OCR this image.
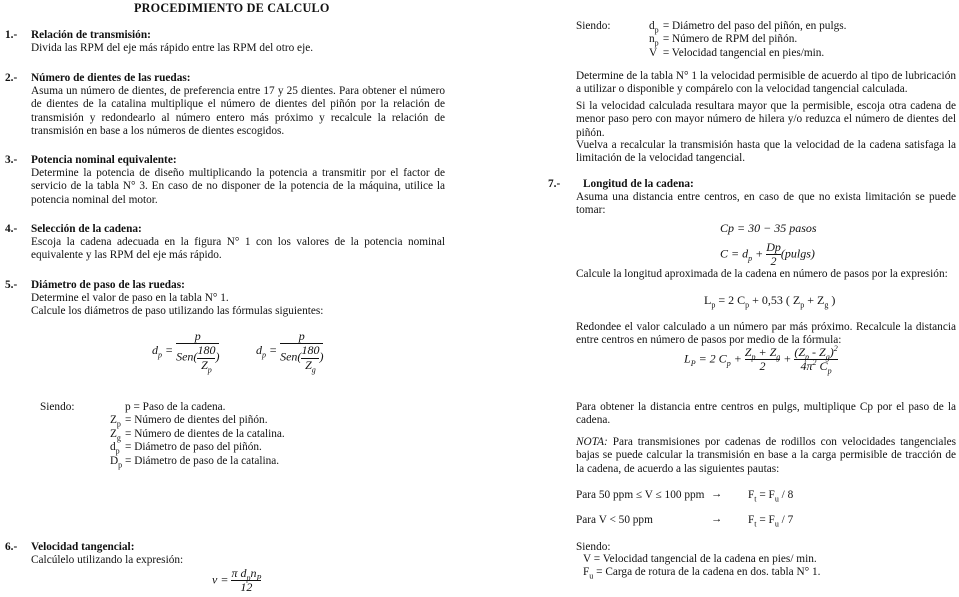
PROCEDIMIENTO DE CALCULO
1.- Relación de transmisión:
Divida las RPM del eje más rápido entre las RPM del otro eje.
2.- Número de dientes de las ruedas:
Asuma un número de dientes, de preferencia entre 17 y 25 dientes. Para obtener el número de dientes de la catalina multiplique el número de dientes del piñón por la relación de transmisión y redondearlo al número entero más próximo y recalcule la relación de transmisión en base a los números de dientes escogidos.
3.- Potencia nominal equivalente:
Determine la potencia de diseño multiplicando la potencia a transmitir por el factor de servicio de la tabla N° 3. En caso de no disponer de la potencia de la máquina, utilice la potencia nominal del motor.
4.- Selección de la cadena:
Escoja la cadena adecuada en la figura N° 1 con los valores de la potencia nominal equivalente y las RPM del eje más rápido.
5.- Diámetro de paso de las ruedas:
Determine el valor de paso en la tabla N° 1.
Calcule los diámetros de paso utilizando las fórmulas siguientes:
$d_p = \frac{p}{Sen( \frac{180}{Z_p} )}$	$d_p = \frac{p}{Sen( \frac{180}{Z_g} )}$
Siendo:
		p = Paso de la cadena.
$Z_p$	= Número de dientes del piñón.
$Z_g$	= Número de dientes de la catalina.
$d_p$	= Diámetro de paso del piñón.
$D_p$	= Diámetro de paso de la catalina.
6.- Velocidad tangencial:
Calcúlelo utilizando la expresión:
$v = \frac{\pi d_pn_P}{12}$
Siendo:	$d_p$	= Diámetro del paso del piñón, en pulgs.
$n_p$	= Número de RPM del piñón.
V	= Velocidad tangencial en pies/min.
Determine de la tabla N° 1 la velocidad permisible de acuerdo al tipo de lubricación a utilizar o disponible y compárelo con la velocidad tangencial calculada.
Si la velocidad calculada resultara mayor que la permisible, escoja otra cadena de menor paso pero con mayor número de hilera y/o reduzca el número de dientes del piñón.
Vuelva a recalcular la transmisión hasta que la velocidad de la cadena satisfaga la limitación de la velocidad tangencial.
7.- Longitud de la cadena:
Asuma una distancia entre centros, en caso de que no exista limitación se puede tomar:
Cp = 30 − 35 pasos
$C = d_p + \frac{Dp}{2} (pulgs)$
Calcule la longitud aproximada de la cadena en número de pasos por la expresión:
$L_p = 2$ $C_p + 0,53$ ( $Z_p + Z_g$ )
Redondee el valor calculado a un número par más próximo. Recalcule la distancia entre centros en número de pasos por medio de la fórmula:
$L_P = 2$ $C_p + \frac{Z_p + Z_g}{2} + \frac{(Z_p - Z_g)^2}{4\pi^2 C_p}$
Para obtener la distancia entre centros en pulgs, multiplique Cp por el paso de la cadena.
NOTA: Para transmisiones por cadenas de rodillos con velocidades tangenciales bajas se puede calcular la transmisión en base a la carga permisible de tracción de la cadena, de acuerdo a las siguientes pautas:
Para 50 ppm ≤ V ≤ 100 ppm → $F_t = F_u / 8$
Para V < 50 ppm	→ $F_t = F_u / 7$
Siendo:
V = Velocidad tangencial de la cadena en pies/ min.
$F_u$ = Carga de rotura de la cadena en dos. tabla N° 1.
